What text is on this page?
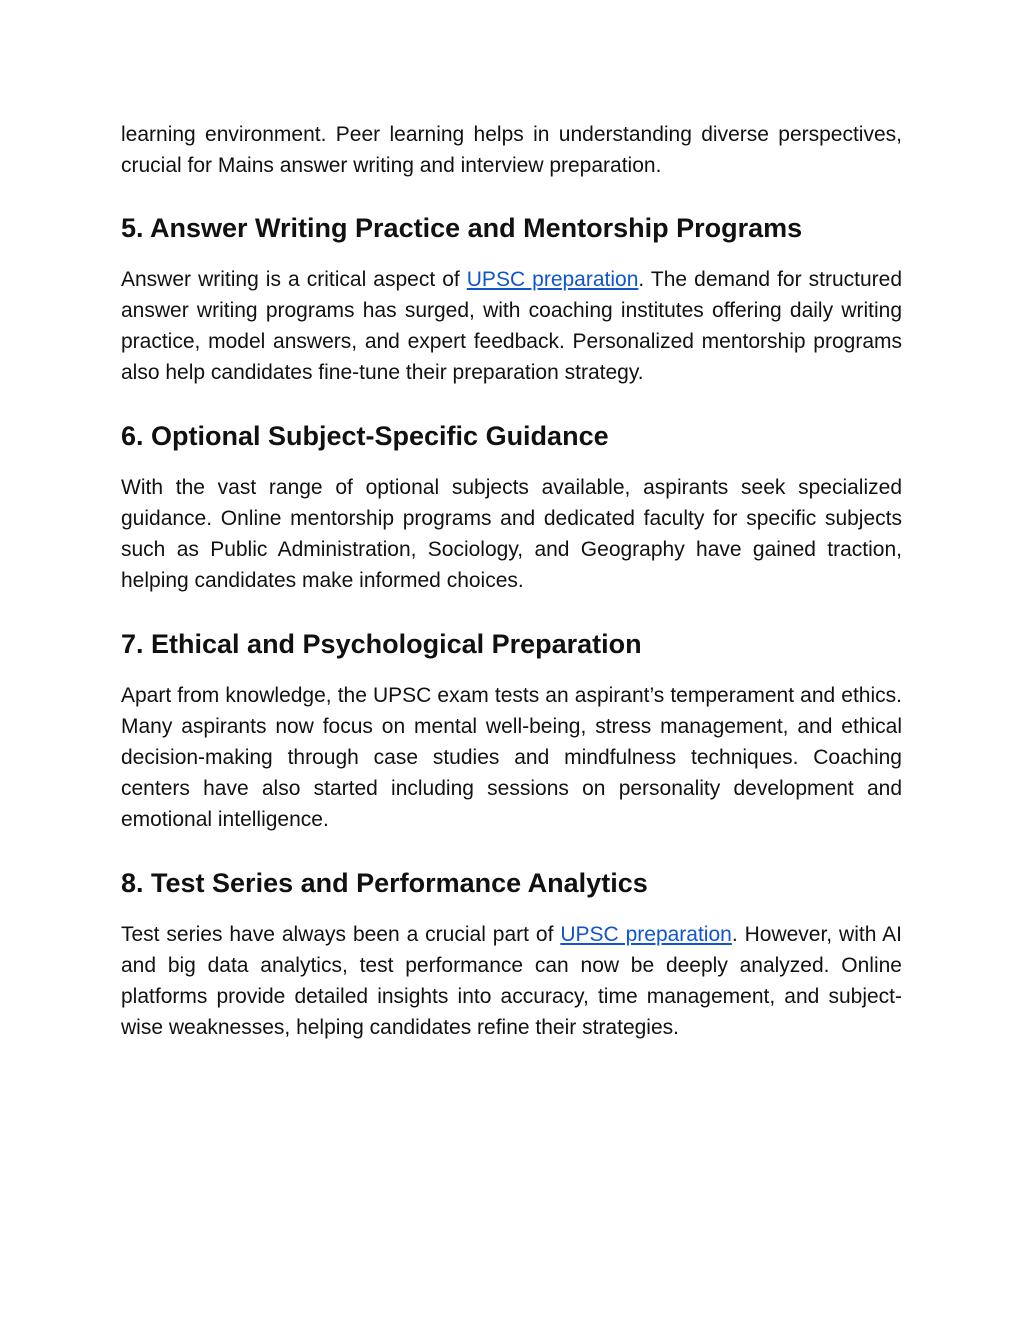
learning environment. Peer learning helps in understanding diverse perspectives, crucial for Mains answer writing and interview preparation.

5. Answer Writing Practice and Mentorship Programs

Answer writing is a critical aspect of UPSC preparation. The demand for structured answer writing programs has surged, with coaching institutes offering daily writing practice, model answers, and expert feedback. Personalized mentorship programs also help candidates fine-tune their preparation strategy.

6. Optional Subject-Specific Guidance

With the vast range of optional subjects available, aspirants seek specialized guidance. Online mentorship programs and dedicated faculty for specific subjects such as Public Administration, Sociology, and Geography have gained traction, helping candidates make informed choices.

7. Ethical and Psychological Preparation

Apart from knowledge, the UPSC exam tests an aspirant’s temperament and ethics. Many aspirants now focus on mental well-being, stress management, and ethical decision-making through case studies and mindfulness techniques. Coaching centers have also started including sessions on personality development and emotional intelligence.

8. Test Series and Performance Analytics

Test series have always been a crucial part of UPSC preparation. However, with AI and big data analytics, test performance can now be deeply analyzed. Online platforms provide detailed insights into accuracy, time management, and subject-wise weaknesses, helping candidates refine their strategies.
